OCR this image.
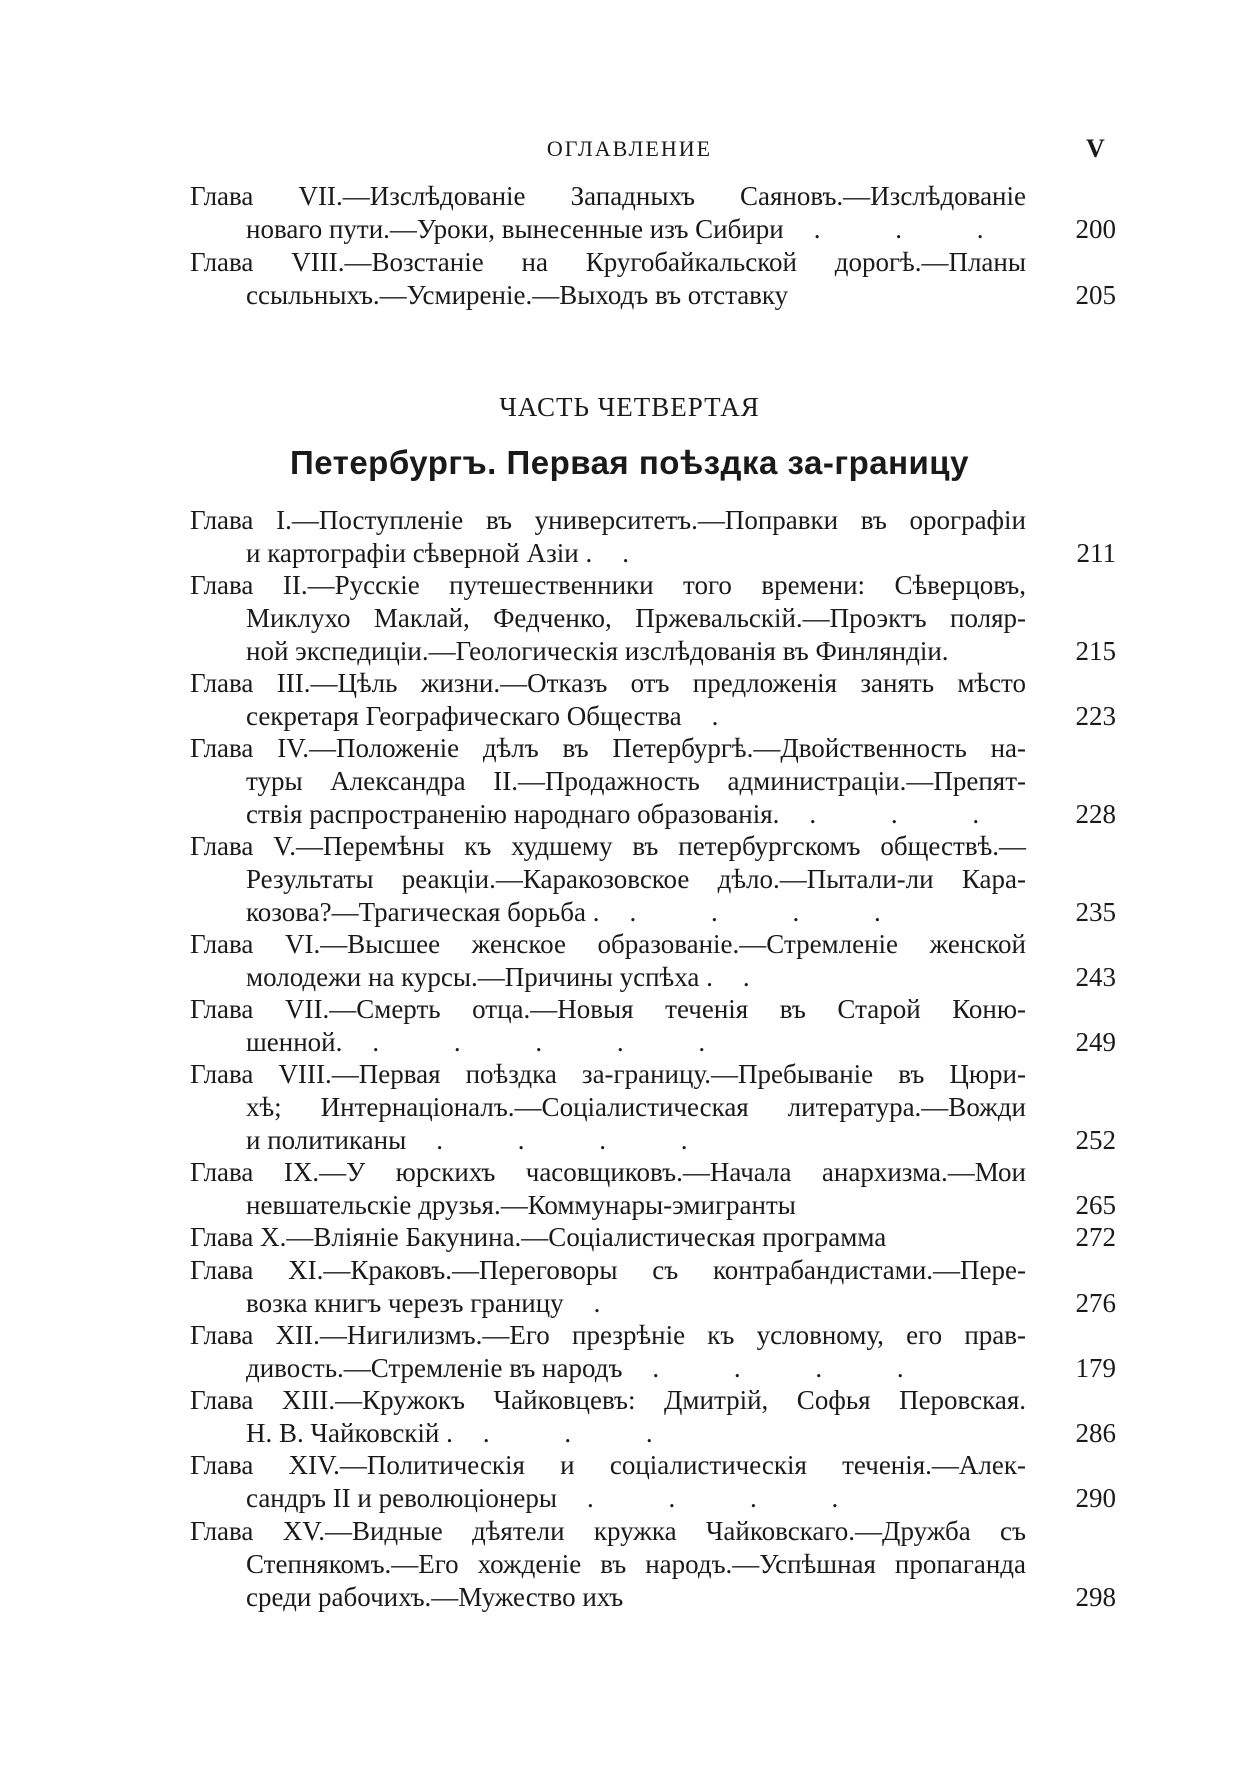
ОГЛАВЛЕНИЕ	V
Глава VII.—Изслѣдованіе Западныхъ Саяновъ.—Изслѣдованіе
новаго пути.—Уроки, вынесенные изъ Сибири . . . 200
Глава VIII.—Возстаніе на Кругобайкальской дорогѣ.—Планы
ссыльныхъ.—Усмиреніе.—Выходъ въ отставку	205
ЧАСТЬ ЧЕТВЕРТАЯ
Петербургъ. Первая поѣздка за-границу
Глава I.—Поступленіе въ университетъ.—Поправки въ орографіи
и картографіи сѣверной Азіи . .	211
Глава II.—Русскіе путешественники того времени: Сѣверцовъ,
Миклухо Маклай, Федченко, Пржевальскій.—Проэктъ поляр-
ной экспедиціи.—Геологическія изслѣдованія въ Финляндіи.	215
Глава III.—Цѣль жизни.—Отказъ отъ предложенія занять мѣсто
секретаря Географическаго Общества .	223
Глава IV.—Положеніе дѣлъ въ Петербургѣ.—Двойственность на-
туры Александра II.—Продажность администраціи.—Препят-
ствія распространенію народнаго образованія. . . . 228
Глава V.—Перемѣны къ худшему въ петербургскомъ обществѣ.—
Результаты реакціи.—Каракозовское дѣло.—Пытали-ли Кара-
козова?—Трагическая борьба . . . . .	235
Глава VI.—Высшее женское образованіе.—Стремленіе женской
молодежи на курсы.—Причины успѣха . .	243
Глава VII.—Смерть отца.—Новыя теченія въ Старой Коню-
шенной. . . . . .	249
Глава VIII.—Первая поѣздка за-границу.—Пребываніе въ Цюри-
хѣ; Интернаціоналъ.—Соціалистическая литература.—Вожди
и политиканы . . . .	252
Глава IX.—У юрскихъ часовщиковъ.—Начала анархизма.—Мои
невшательскіе друзья.—Коммунары-эмигранты	265
Глава X.—Вліяніе Бакунина.—Соціалистическая программа	272
Глава XI.—Краковъ.—Переговоры съ контрабандистами.—Пере-
возка книгъ черезъ границу .	276
Глава XII.—Нигилизмъ.—Его презрѣніе къ условному, его прав-
дивость.—Стремленіе въ народъ . . . .	179
Глава XIII.—Кружокъ Чайковцевъ: Дмитрій, Софья Перовская.
Н. В. Чайковскій . . . .	286
Глава XIV.—Политическія и соціалистическія теченія.—Алек-
сандръ II и революціонеры . . . .	290
Глава XV.—Видные дѣятели кружка Чайковскаго.—Дружба съ
Степнякомъ.—Его хожденіе въ народъ.—Успѣшная пропаганда
среди рабочихъ.—Мужество ихъ	298
